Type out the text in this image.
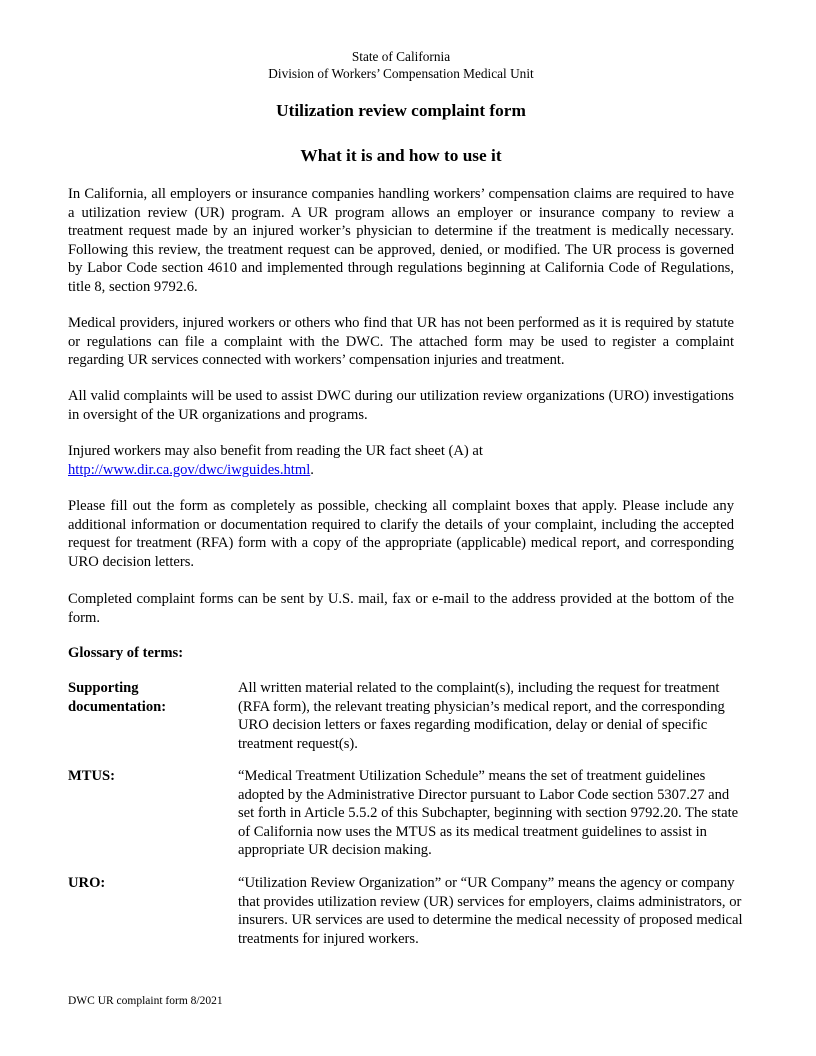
State of California
Division of Workers’ Compensation Medical Unit
Utilization review complaint form
What it is and how to use it

In California, all employers or insurance companies handling workers’ compensation claims are required to have a utilization review (UR) program. A UR program allows an employer or insurance company to review a treatment request made by an injured worker’s physician to determine if the treatment is medically necessary. Following this review, the treatment request can be approved, denied, or modified. The UR process is governed by Labor Code section 4610 and implemented through regulations beginning at California Code of Regulations, title 8, section 9792.6.

Medical providers, injured workers or others who find that UR has not been performed as it is required by statute or regulations can file a complaint with the DWC. The attached form may be used to register a complaint regarding UR services connected with workers’ compensation injuries and treatment.

All valid complaints will be used to assist DWC during our utilization review organizations (URO) investigations in oversight of the UR organizations and programs.

Injured workers may also benefit from reading the UR fact sheet (A) at
http://www.dir.ca.gov/dwc/iwguides.html.

Please fill out the form as completely as possible, checking all complaint boxes that apply. Please include any additional information or documentation required to clarify the details of your complaint, including the accepted request for treatment (RFA) form with a copy of the appropriate (applicable) medical report, and corresponding URO decision letters.

Completed complaint forms can be sent by U.S. mail, fax or e-mail to the address provided at the bottom of the form.

Glossary of terms:

Supporting
documentation:
All written material related to the complaint(s), including the request for treatment (RFA form), the relevant treating physician’s medical report, and the corresponding URO decision letters or faxes regarding modification, delay or denial of specific treatment request(s).
MTUS:	“Medical Treatment Utilization Schedule” means the set of treatment guidelines adopted by the Administrative Director pursuant to Labor Code section 5307.27 and set forth in Article 5.5.2 of this Subchapter, beginning with section 9792.20. The state of California now uses the MTUS as its medical treatment guidelines to assist in appropriate UR decision making.
URO:	“Utilization Review Organization” or “UR Company” means the agency or company that provides utilization review (UR) services for employers, claims administrators, or insurers. UR services are used to determine the medical necessity of proposed medical treatments for injured workers.
DWC UR complaint form 8/2021
